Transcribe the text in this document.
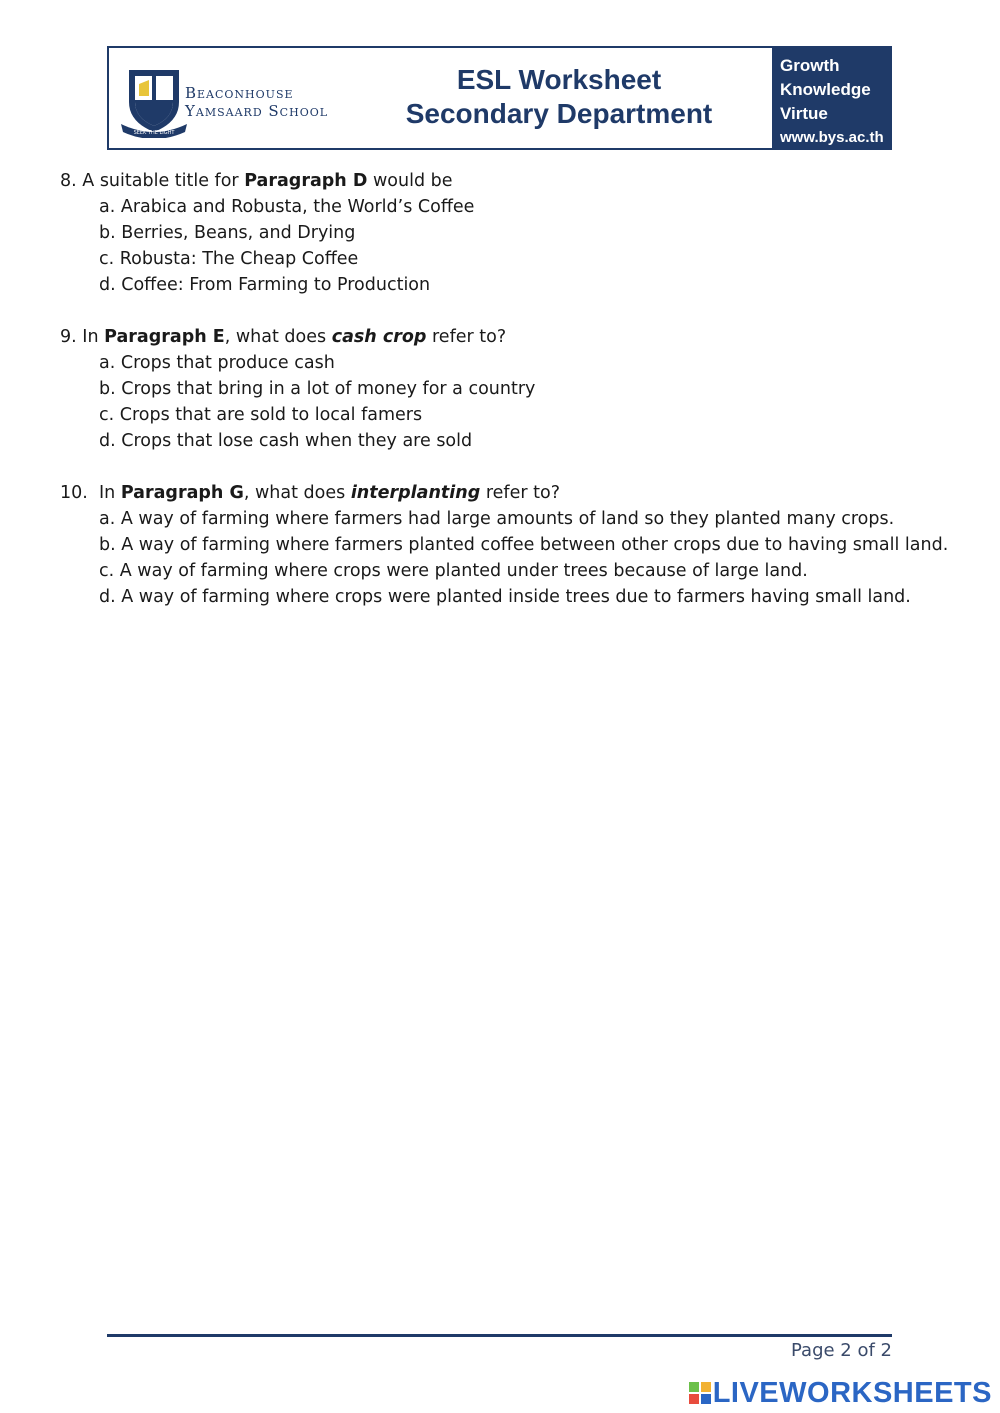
SEEK THE LIGHT
Beaconhouse
Yamsaard School
ESL Worksheet
Secondary Department
Growth
Knowledge
Virtue
www.bys.ac.th

8. A suitable title for Paragraph D would be

a. Arabica and Robusta, the World’s Coffee
b. Berries, Beans, and Drying
c. Robusta: The Cheap Coffee
d. Coffee: From Farming to Production

9. In Paragraph E, what does cash crop refer to?

a. Crops that produce cash
b. Crops that bring in a lot of money for a country
c. Crops that are sold to local famers
d. Crops that lose cash when they are sold

10. In Paragraph G, what does interplanting refer to?

a. A way of farming where farmers had large amounts of land so they planted many crops.
b. A way of farming where farmers planted coffee between other crops due to having small land.
c. A way of farming where crops were planted under trees because of large land.
d. A way of farming where crops were planted inside trees due to farmers having small land.
Page 2 of 2
LIVEWORKSHEETS
